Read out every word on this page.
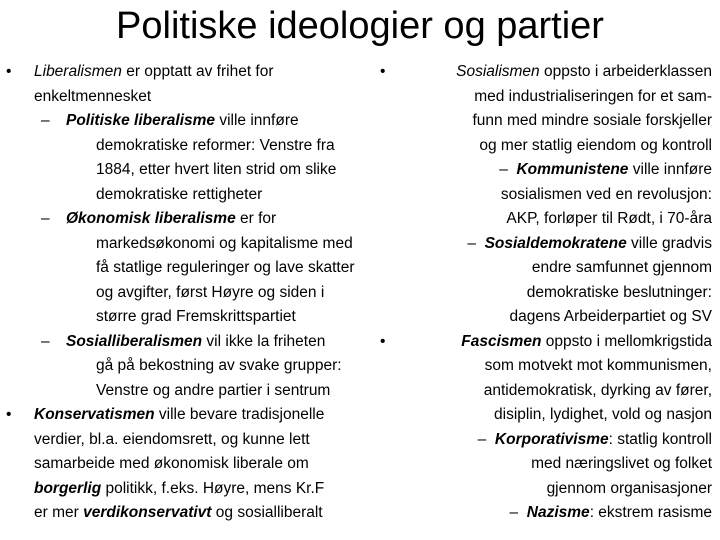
Politiske ideologier og partier
• Liberalismen er opptatt av frihet for
enkeltmennesket
– Politiske liberalisme ville innføre
demokratiske reformer: Venstre fra
1884, etter hvert liten strid om slike
demokratiske rettigheter
– Økonomisk liberalisme er for
markedsøkonomi og kapitalisme med
få statlige reguleringer og lave skatter
og avgifter, først Høyre og siden i
større grad Fremskrittspartiet
– Sosialliberalismen vil ikke la friheten
gå på bekostning av svake grupper:
Venstre og andre partier i sentrum
• Konservatismen ville bevare tradisjonelle
verdier, bl.a. eiendomsrett, og kunne lett
samarbeide med økonomisk liberale om
borgerlig politikk, f.eks. Høyre, mens Kr.F
er mer verdikonservativt og sosialliberalt
•	Sosialismen oppsto i arbeiderklassen
med industrialiseringen for et sam-
funn med mindre sosiale forskjeller
og mer statlig eiendom og kontroll
– Kommunistene ville innføre
sosialismen ved en revolusjon:
AKP, forløper til Rødt, i 70-åra
– Sosialdemokratene ville gradvis
endre samfunnet gjennom
demokratiske beslutninger:
dagens Arbeiderpartiet og SV
•	Fascismen oppsto i mellomkrigstida
som motvekt mot kommunismen,
antidemokratisk, dyrking av fører,
disiplin, lydighet, vold og nasjon
– Korporativisme: statlig kontroll
med næringslivet og folket
gjennom organisasjoner
– Nazisme: ekstrem rasisme
